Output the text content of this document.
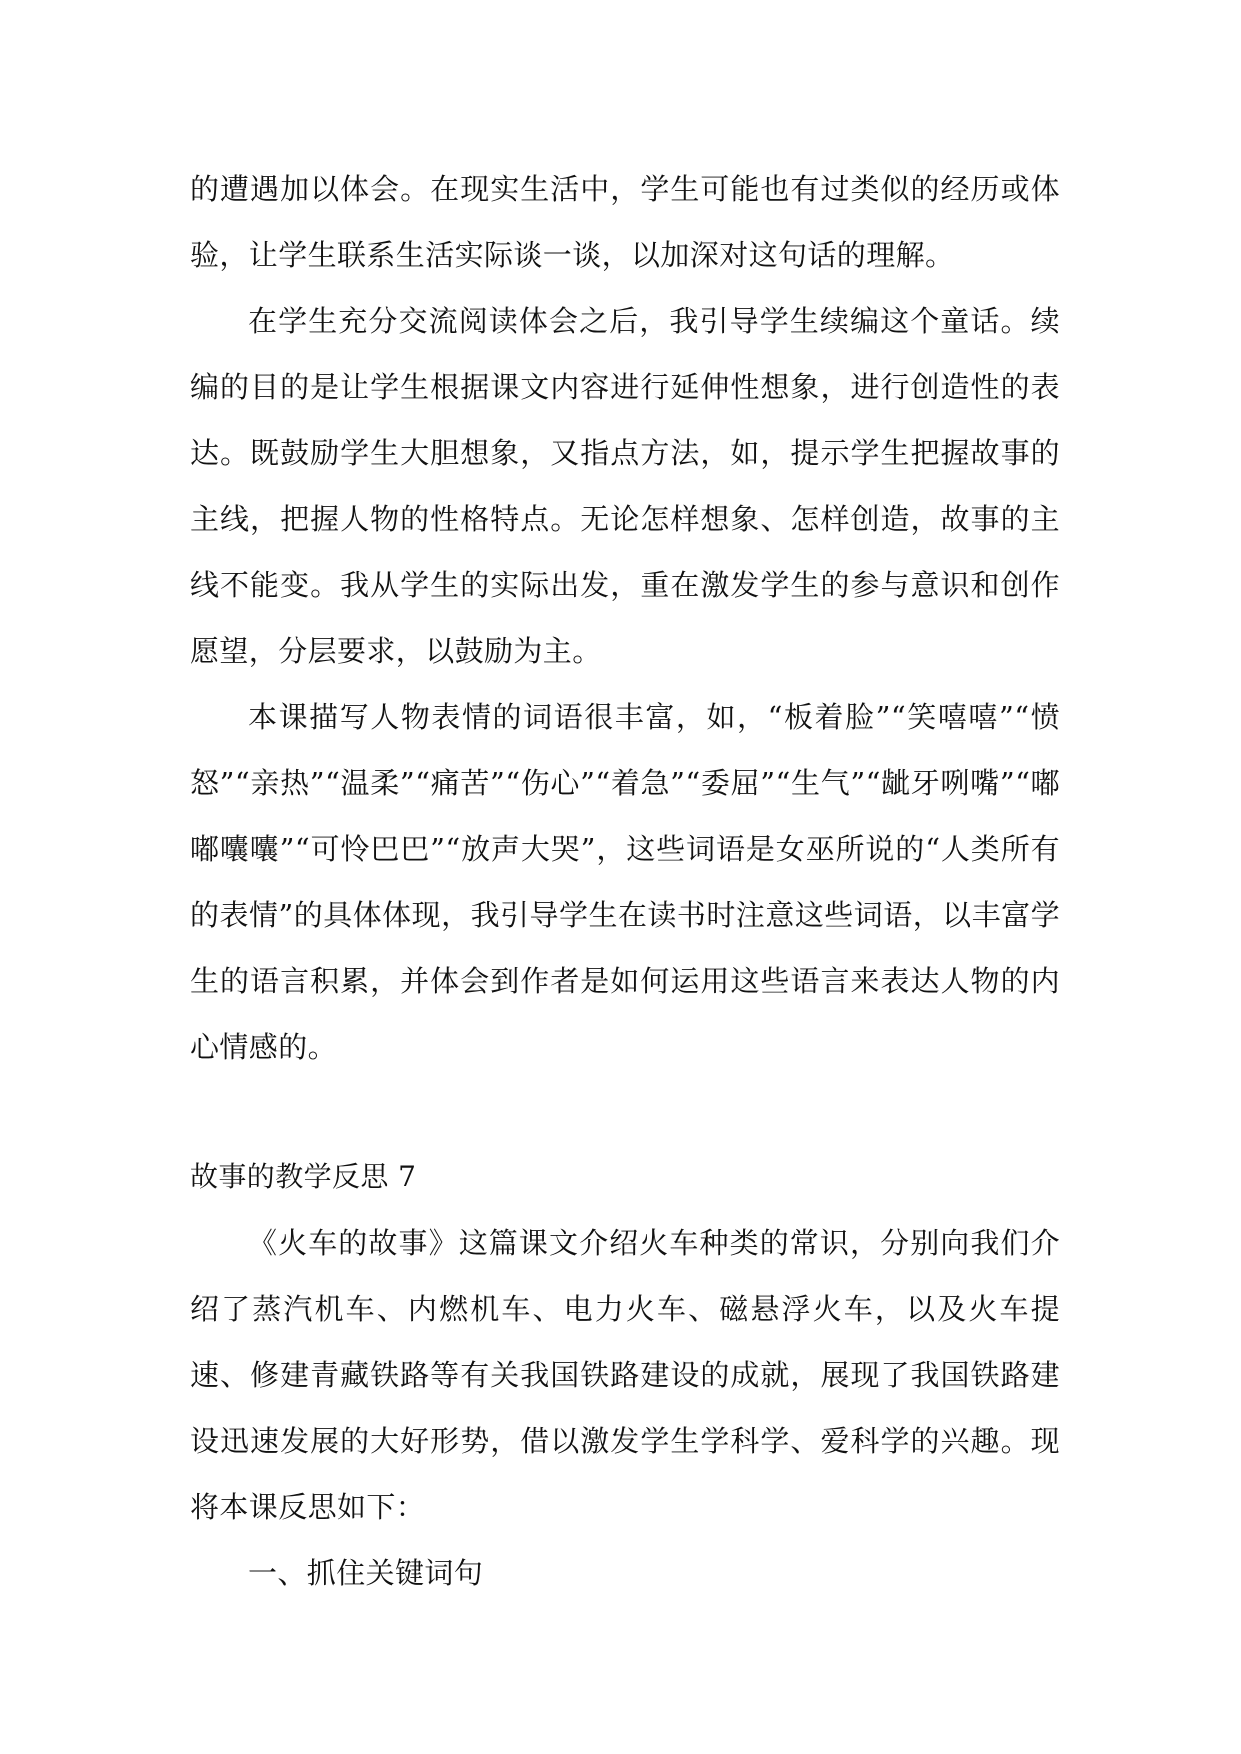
的遭遇加以体会。在现实生活中，学生可能也有过类似的经历或体验，让学生联系生活实际谈一谈，以加深对这句话的理解。

在学生充分交流阅读体会之后，我引导学生续编这个童话。续编的目的是让学生根据课文内容进行延伸性想象，进行创造性的表达。既鼓励学生大胆想象，又指点方法，如，提示学生把握故事的主线，把握人物的性格特点。无论怎样想象、怎样创造，故事的主线不能变。我从学生的实际出发，重在激发学生的参与意识和创作愿望，分层要求，以鼓励为主。

本课描写人物表情的词语很丰富，如，“板着脸”“笑嘻嘻”“愤怒”“亲热”“温柔”“痛苦”“伤心”“着急”“委屈”“生气”“龇牙咧嘴”“嘟嘟囔囔”“可怜巴巴”“放声大哭”，这些词语是女巫所说的“人类所有的表情”的具体体现，我引导学生在读书时注意这些词语，以丰富学生的语言积累，并体会到作者是如何运用这些语言来表达人物的内心情感的。

故事的教学反思 7

《火车的故事》这篇课文介绍火车种类的常识，分别向我们介绍了蒸汽机车、内燃机车、电力火车、磁悬浮火车，以及火车提速、修建青藏铁路等有关我国铁路建设的成就，展现了我国铁路建设迅速发展的大好形势，借以激发学生学科学、爱科学的兴趣。现将本课反思如下：

一、抓住关键词句
